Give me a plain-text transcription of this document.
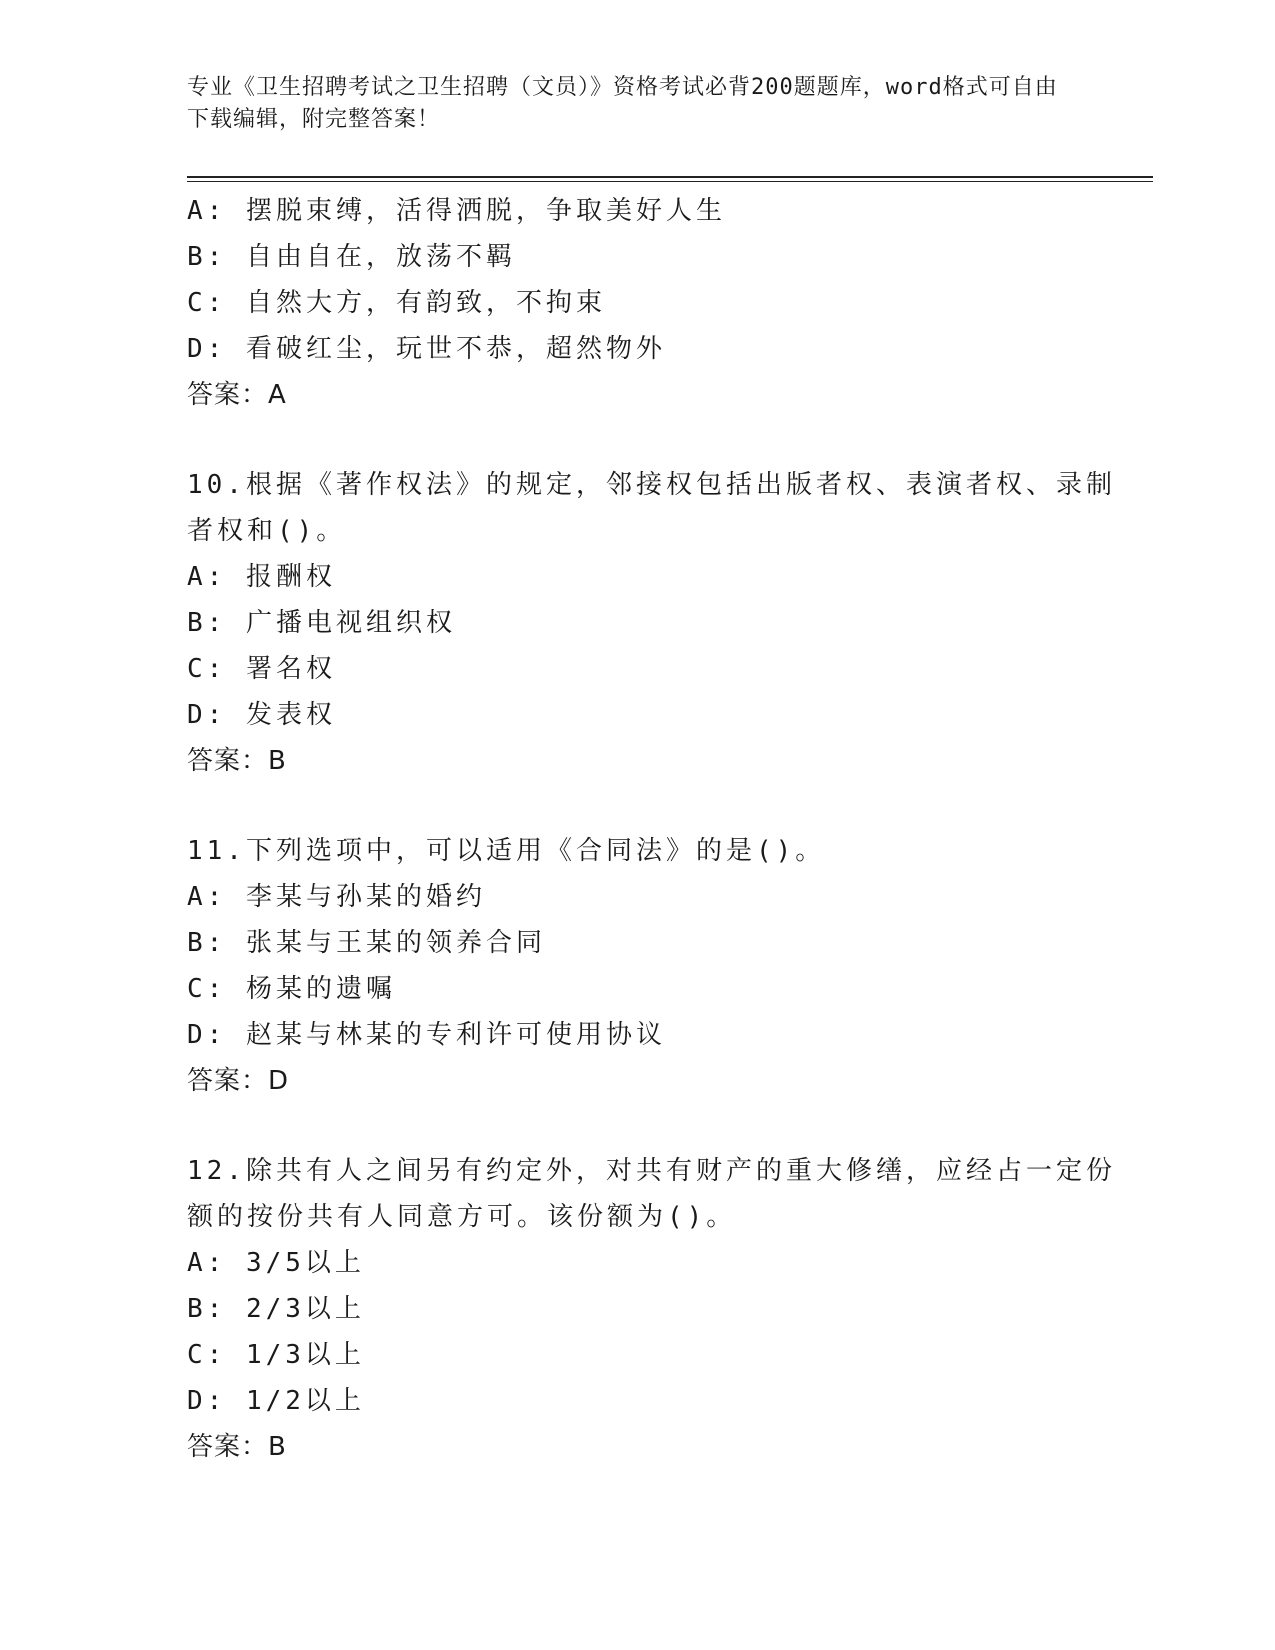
专业《卫生招聘考试之卫生招聘（文员）》资格考试必背200题题库，word格式可自由下载编辑，附完整答案！
A: 摆脱束缚，活得洒脱，争取美好人生
B: 自由自在，放荡不羁
C: 自然大方，有韵致，不拘束
D: 看破红尘，玩世不恭，超然物外
答案：A
10.根据《著作权法》的规定，邻接权包括出版者权、表演者权、录制
者权和()。
A: 报酬权
B: 广播电视组织权
C: 署名权
D: 发表权
答案：B
11.下列选项中，可以适用《合同法》的是()。
A: 李某与孙某的婚约
B: 张某与王某的领养合同
C: 杨某的遗嘱
D: 赵某与林某的专利许可使用协议
答案：D
12.除共有人之间另有约定外，对共有财产的重大修缮，应经占一定份
额的按份共有人同意方可。该份额为()。
A: 3/5以上
B: 2/3以上
C: 1/3以上
D: 1/2以上
答案：B
